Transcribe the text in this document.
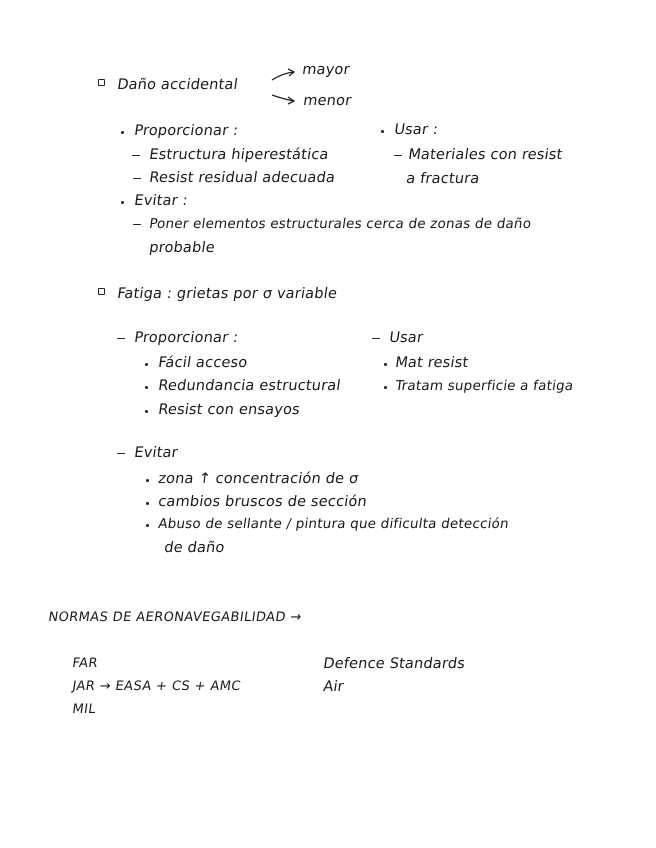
Daño accidental
mayor
menor
Proporcionar :
Estructura hiperestática
Resist residual adecuada
Usar :
Materiales con resist
a fractura
Evitar :
Poner elementos estructurales cerca de zonas de daño
probable
Fatiga : grietas por σ variable
Proporcionar :
Fácil acceso
Redundancia estructural
Resist con ensayos
Usar
Mat resist
Tratam superficie a fatiga
Evitar
zona ↑ concentración de σ
cambios bruscos de sección
Abuso de sellante / pintura que dificulta detección
de daño
NORMAS DE AERONAVEGABILIDAD →
FAR
JAR → EASA + CS + AMC
MIL
Defence Standards
Air
